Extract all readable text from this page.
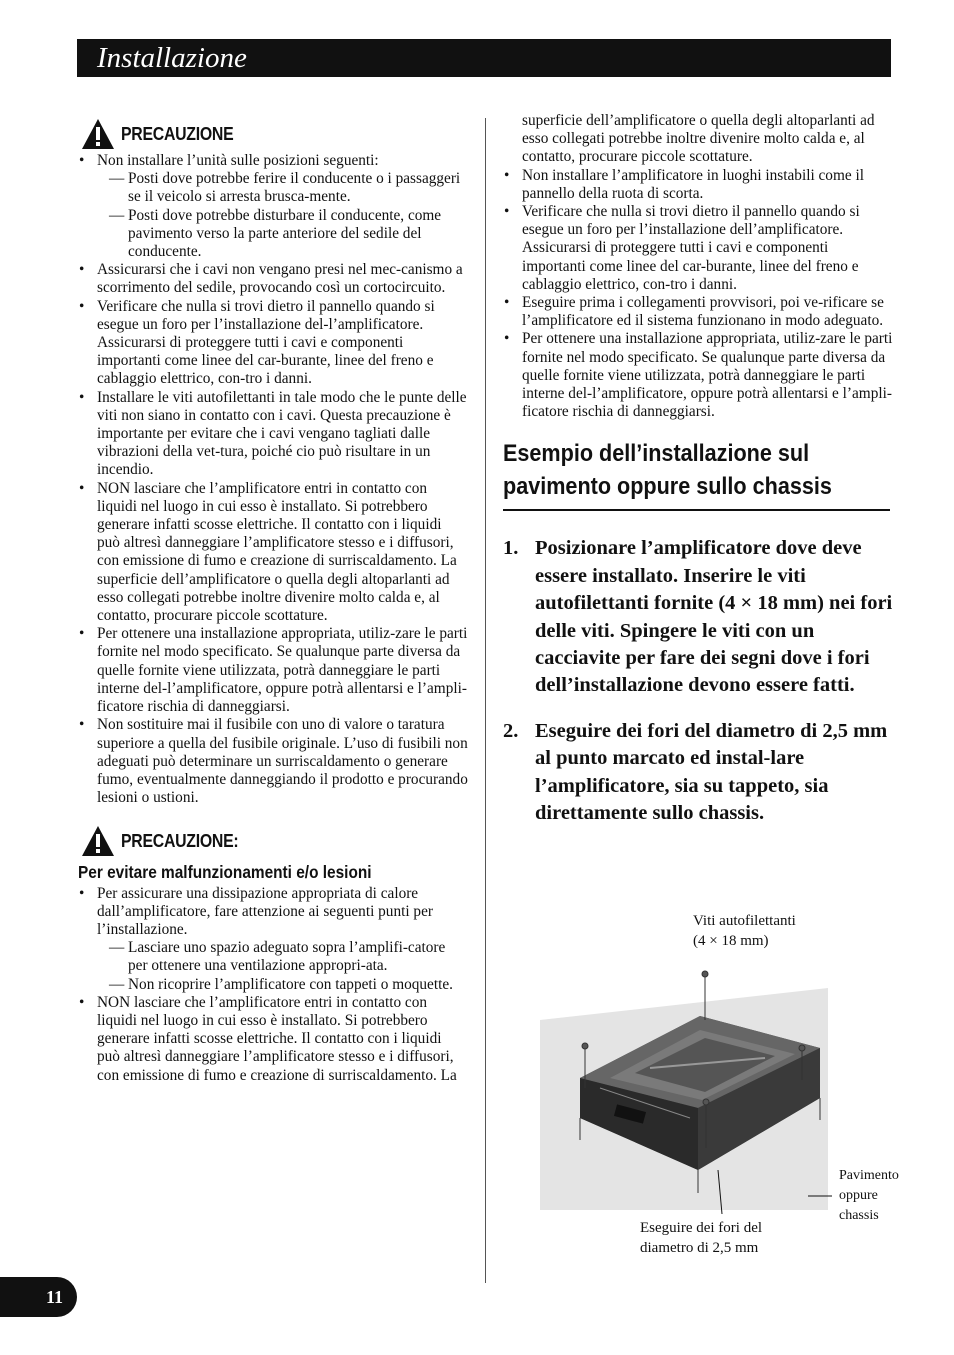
Installazione
PRECAUZIONE
• Non installare l’unità sulle posizioni seguenti:
— Posti dove potrebbe ferire il conducente o i passaggeri se il veicolo si arresta brusca-mente.
— Posti dove potrebbe disturbare il conducente, come pavimento verso la parte anteriore del sedile del conducente.
• Assicurarsi che i cavi non vengano presi nel mec-canismo a scorrimento del sedile, provocando così un cortocircuito.
• Verificare che nulla si trovi dietro il pannello quando si esegue un foro per l’installazione del-l’amplificatore. Assicurarsi di proteggere tutti i cavi e componenti importanti come linee del car-burante, linee del freno e cablaggio elettrico, con-tro i danni.
• Installare le viti autofilettanti in tale modo che le punte delle viti non siano in contatto con i cavi. Questa precauzione è importante per evitare che i cavi vengano tagliati dalle vibrazioni della vet-tura, poiché cio può risultare in un incendio.
• NON lasciare che l’amplificatore entri in contatto con liquidi nel luogo in cui esso è installato. Si potrebbero generare infatti scosse elettriche. Il contatto con i liquidi può altresì danneggiare l’amplificatore stesso e i diffusori, con emissione di fumo e creazione di surriscaldamento. La superficie dell’amplificatore o quella degli altoparlanti ad esso collegati potrebbe inoltre divenire molto calda e, al contatto, procurare piccole scottature.
• Per ottenere una installazione appropriata, utiliz-zare le parti fornite nel modo specificato. Se qualunque parte diversa da quelle fornite viene utilizzata, potrà danneggiare le parti interne del-l’amplificatore, oppure potrà allentarsi e l’ampli-ficatore rischia di danneggiarsi.
• Non sostituire mai il fusibile con uno di valore o taratura superiore a quella del fusibile originale. L’uso di fusibili non adeguati può determinare un surriscaldamento o generare fumo, eventualmente danneggiando il prodotto e procurando lesioni o ustioni.
PRECAUZIONE:
Per evitare malfunzionamenti e/o lesioni
• Per assicurare una dissipazione appropriata di calore dall’amplificatore, fare attenzione ai seguenti punti per l’installazione.
— Lasciare uno spazio adeguato sopra l’amplifi-catore per ottenere una ventilazione appropri-ata.
— Non ricoprire l’amplificatore con tappeti o moquette.
• NON lasciare che l’amplificatore entri in contatto con liquidi nel luogo in cui esso è installato. Si potrebbero generare infatti scosse elettriche. Il contatto con i liquidi può altresì danneggiare l’amplificatore stesso e i diffusori, con emissione di fumo e creazione di surriscaldamento. La
superficie dell’amplificatore o quella degli altoparlanti ad esso collegati potrebbe inoltre divenire molto calda e, al contatto, procurare piccole scottature.
• Non installare l’amplificatore in luoghi instabili come il pannello della ruota di scorta.
• Verificare che nulla si trovi dietro il pannello quando si esegue un foro per l’installazione dell’amplificatore. Assicurarsi di proteggere tutti i cavi e componenti importanti come linee del car-burante, linee del freno e cablaggio elettrico, con-tro i danni.
• Eseguire prima i collegamenti provvisori, poi ve-rificare se l’amplificatore ed il sistema funzionano in modo adeguato.
• Per ottenere una installazione appropriata, utiliz-zare le parti fornite nel modo specificato. Se qualunque parte diversa da quelle fornite viene utilizzata, potrà danneggiare le parti interne del-l’amplificatore, oppure potrà allentarsi e l’ampli-ficatore rischia di danneggiarsi.
Esempio dell’installazione sul pavimento oppure sullo chassis
1. Posizionare l’amplificatore dove deve essere installato. Inserire le viti autofilettanti fornite (4 × 18 mm) nei fori delle viti. Spingere le viti con un cacciavite per fare dei segni dove i fori dell’installazione devono essere fatti.
2. Eseguire dei fori del diametro di 2,5 mm al punto marcato ed instal-lare l’amplificatore, sia su tappeto, sia direttamente sullo chassis.
Viti autofilettanti
(4 × 18 mm)
Pavimento
oppure
chassis
Eseguire dei fori del
diametro di 2,5 mm
11
